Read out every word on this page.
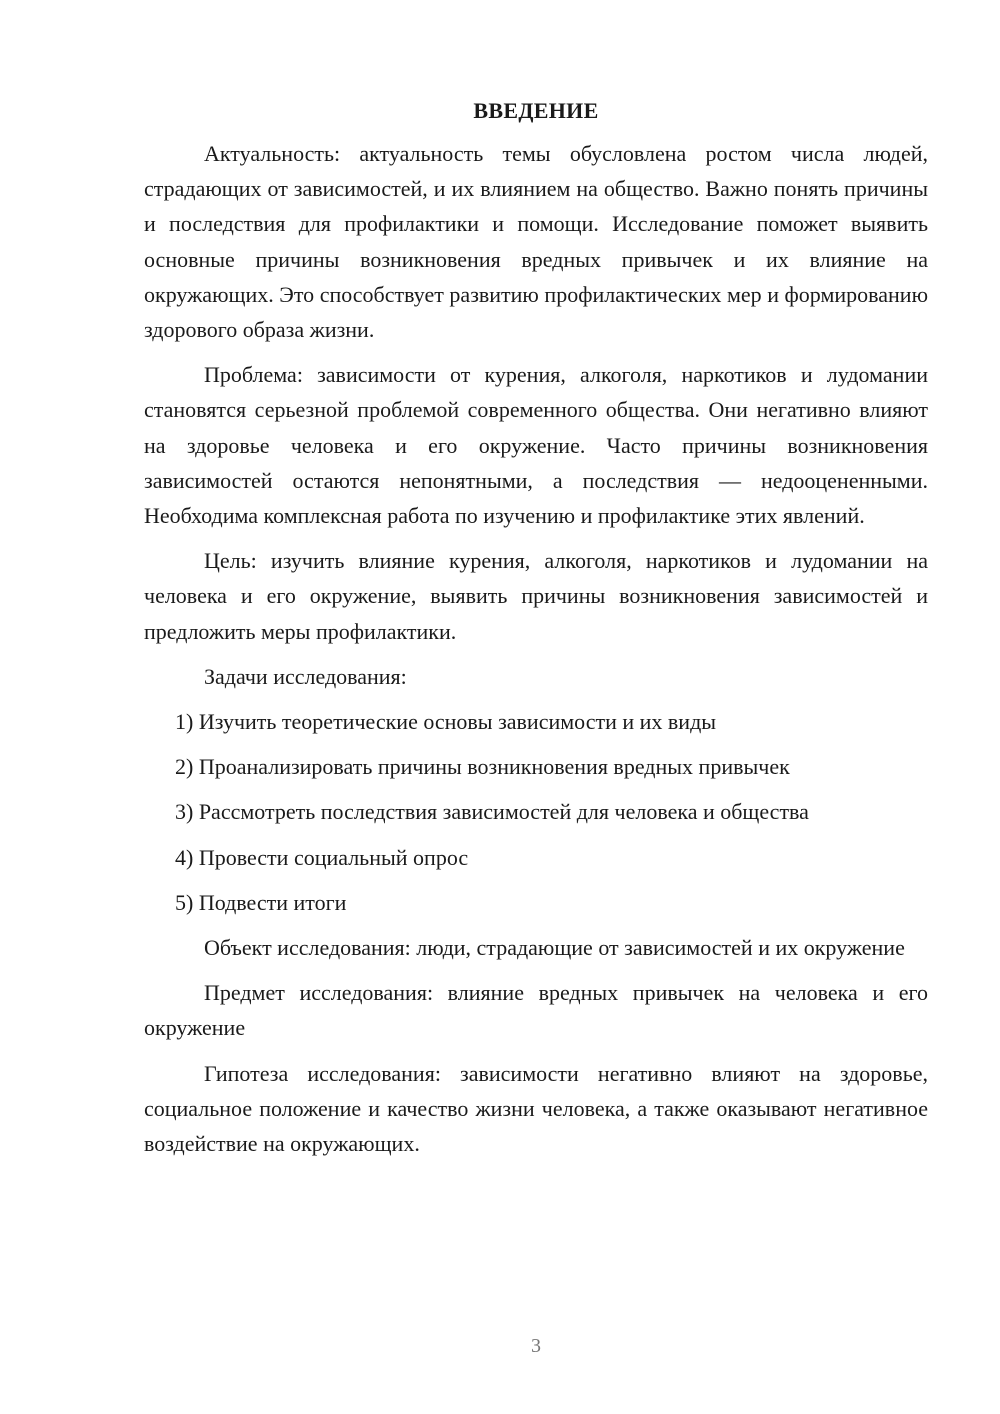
ВВЕДЕНИЕ

Актуальность: актуальность темы обусловлена ростом числа людей, страдающих от зависимостей, и их влиянием на общество. Важно понять причины и последствия для профилактики и помощи. Исследование поможет выявить основные причины возникновения вредных привычек и их влияние на окружающих. Это способствует развитию профилактических мер и формированию здорового образа жизни.

Проблема: зависимости от курения, алкоголя, наркотиков и лудомании становятся серьезной проблемой современного общества. Они негативно влияют на здоровье человека и его окружение. Часто причины возникновения зависимостей остаются непонятными, а последствия — недооцененными. Необходима комплексная работа по изучению и профилактике этих явлений.

Цель: изучить влияние курения, алкоголя, наркотиков и лудомании на человека и его окружение, выявить причины возникновения зависимостей и предложить меры профилактики.

Задачи исследования:

1) Изучить теоретические основы зависимости и их виды
2) Проанализировать причины возникновения вредных привычек
3) Рассмотреть последствия зависимостей для человека и общества
4) Провести социальный опрос
5) Подвести итоги

Объект исследования: люди, страдающие от зависимостей и их окружение

Предмет исследования: влияние вредных привычек на человека и его окружение

Гипотеза исследования: зависимости негативно влияют на здоровье, социальное положение и качество жизни человека, а также оказывают негативное воздействие на окружающих.

3
